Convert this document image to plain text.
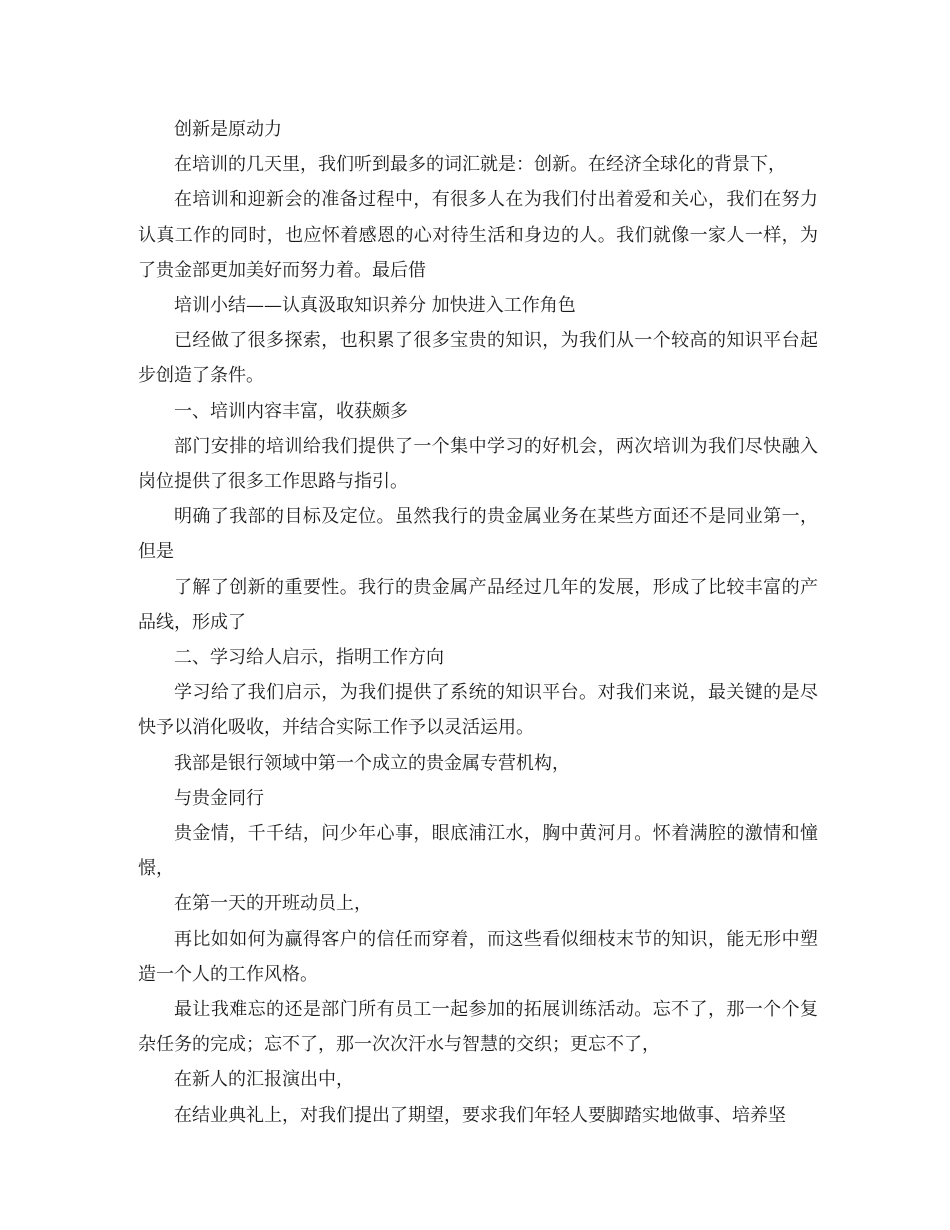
创新是原动力

在培训的几天里，我们听到最多的词汇就是：创新。在经济全球化的背景下，

在培训和迎新会的准备过程中，有很多人在为我们付出着爱和关心，我们在努力认真工作的同时，也应怀着感恩的心对待生活和身边的人。我们就像一家人一样，为了贵金部更加美好而努力着。最后借

培训小结——认真汲取知识养分 加快进入工作角色

已经做了很多探索，也积累了很多宝贵的知识，为我们从一个较高的知识平台起步创造了条件。

一、培训内容丰富，收获颇多

部门安排的培训给我们提供了一个集中学习的好机会，两次培训为我们尽快融入岗位提供了很多工作思路与指引。

明确了我部的目标及定位。虽然我行的贵金属业务在某些方面还不是同业第一，但是

了解了创新的重要性。我行的贵金属产品经过几年的发展，形成了比较丰富的产品线，形成了

二、学习给人启示，指明工作方向

学习给了我们启示，为我们提供了系统的知识平台。对我们来说，最关键的是尽快予以消化吸收，并结合实际工作予以灵活运用。

我部是银行领域中第一个成立的贵金属专营机构，

与贵金同行

贵金情，千千结，问少年心事，眼底浦江水，胸中黄河月。怀着满腔的激情和憧憬，

在第一天的开班动员上，

再比如如何为赢得客户的信任而穿着，而这些看似细枝末节的知识，能无形中塑造一个人的工作风格。

最让我难忘的还是部门所有员工一起参加的拓展训练活动。忘不了，那一个个复杂任务的完成；忘不了，那一次次汗水与智慧的交织；更忘不了，

在新人的汇报演出中，

在结业典礼上，对我们提出了期望，要求我们年轻人要脚踏实地做事、培养坚
